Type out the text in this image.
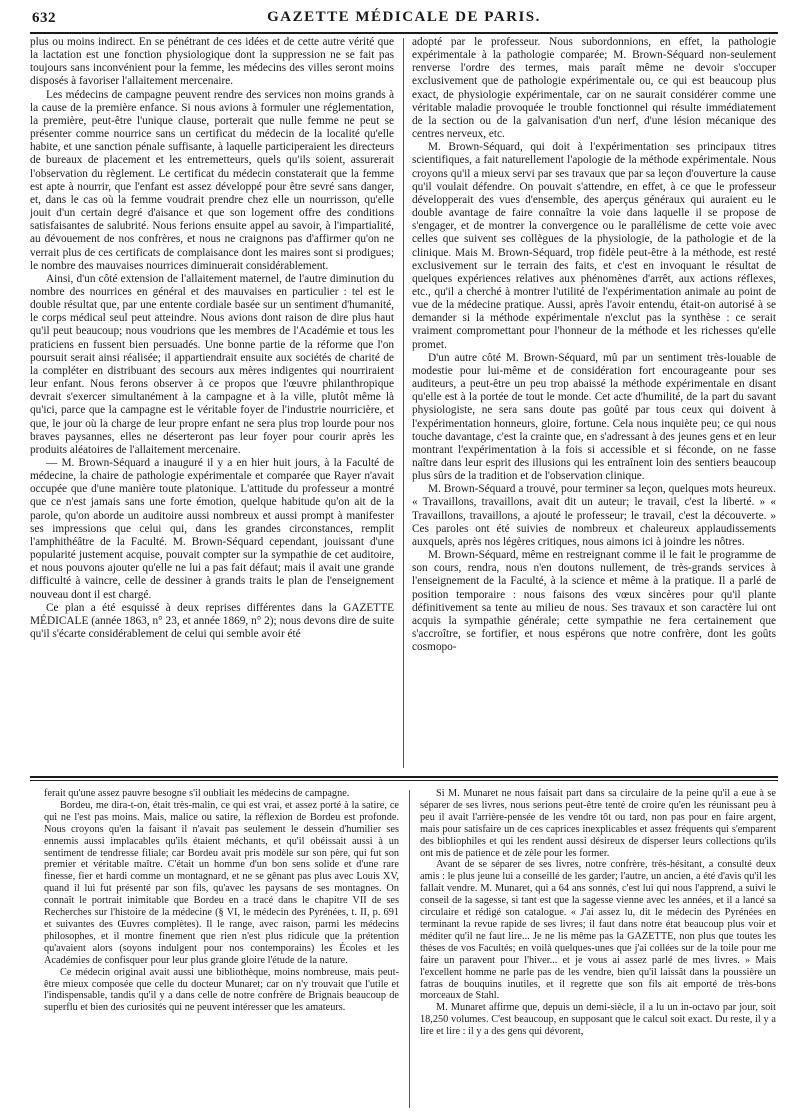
632	GAZETTE MÉDICALE DE PARIS.

plus ou moins indirect. En se pénétrant de ces idées et de cette autre vérité que la lactation est une fonction physiologique dont la suppression ne se fait pas toujours sans inconvénient pour la femme, les médecins des villes seront moins disposés à favoriser l'allaitement mercenaire.

Les médecins de campagne peuvent rendre des services non moins grands à la cause de la première enfance. Si nous avions à formuler une réglementation, la première, peut-être l'unique clause, porterait que nulle femme ne peut se présenter comme nourrice sans un certificat du médecin de la localité qu'elle habite, et une sanction pénale suffisante, à laquelle participeraient les directeurs de bureaux de placement et les entremetteurs, quels qu'ils soient, assurerait l'observation du règlement. Le certificat du médecin constaterait que la femme est apte à nourrir, que l'enfant est assez développé pour être sevré sans danger, et, dans le cas où la femme voudrait prendre chez elle un nourrisson, qu'elle jouit d'un certain degré d'aisance et que son logement offre des conditions satisfaisantes de salubrité. Nous ferions ensuite appel au savoir, à l'impartialité, au dévouement de nos confrères, et nous ne craignons pas d'affirmer qu'on ne verrait plus de ces certificats de complaisance dont les maires sont si prodigues; le nombre des mauvaises nourrices diminuerait considérablement.

Ainsi, d'un côté extension de l'allaitement maternel, de l'autre diminution du nombre des nourrices en général et des mauvaises en particulier : tel est le double résultat que, par une entente cordiale basée sur un sentiment d'humanité, le corps médical seul peut atteindre. Nous avions dont raison de dire plus haut qu'il peut beaucoup; nous voudrions que les membres de l'Académie et tous les praticiens en fussent bien persuadés. Une bonne partie de la réforme que l'on poursuit serait ainsi réalisée; il appartiendrait ensuite aux sociétés de charité de la compléter en distribuant des secours aux mères indigentes qui nourriraient leur enfant. Nous ferons observer à ce propos que l'œuvre philanthropique devrait s'exercer simultanément à la campagne et à la ville, plutôt même là qu'ici, parce que la campagne est le véritable foyer de l'industrie nourricière, et que, le jour où la charge de leur propre enfant ne sera plus trop lourde pour nos braves paysannes, elles ne déserteront pas leur foyer pour courir après les produits aléatoires de l'allaitement mercenaire.

— M. Brown-Séquard a inauguré il y a en hier huit jours, à la Faculté de médecine, la chaire de pathologie expérimentale et comparée que Rayer n'avait occupée que d'une manière toute platonique. L'attitude du professeur a montré que ce n'est jamais sans une forte émotion, quelque habitude qu'on ait de la parole, qu'on aborde un auditoire aussi nombreux et aussi prompt à manifester ses impressions que celui qui, dans les grandes circonstances, remplit l'amphithéâtre de la Faculté. M. Brown-Séquard cependant, jouissant d'une popularité justement acquise, pouvait compter sur la sympathie de cet auditoire, et nous pouvons ajouter qu'elle ne lui a pas fait défaut; mais il avait une grande difficulté à vaincre, celle de dessiner à grands traits le plan de l'enseignement nouveau dont il est chargé.

Ce plan a été esquissé à deux reprises différentes dans la GAZETTE MÉDICALE (année 1863, n° 23, et année 1869, n° 2); nous devons dire de suite qu'il s'écarte considérablement de celui qui semble avoir été

adopté par le professeur. Nous subordonnions, en effet, la pathologie expérimentale à la pathologie comparée; M. Brown-Séquard non-seulement renverse l'ordre des termes, mais paraît même ne devoir s'occuper exclusivement que de pathologie expérimentale ou, ce qui est beaucoup plus exact, de physiologie expérimentale, car on ne saurait considérer comme une véritable maladie provoquée le trouble fonctionnel qui résulte immédiatement de la section ou de la galvanisation d'un nerf, d'une lésion mécanique des centres nerveux, etc.

M. Brown-Séquard, qui doit à l'expérimentation ses principaux titres scientifiques, a fait naturellement l'apologie de la méthode expérimentale. Nous croyons qu'il a mieux servi par ses travaux que par sa leçon d'ouverture la cause qu'il voulait défendre. On pouvait s'attendre, en effet, à ce que le professeur développerait des vues d'ensemble, des aperçus généraux qui auraient eu le double avantage de faire connaître la voie dans laquelle il se propose de s'engager, et de montrer la convergence ou le parallélisme de cette voie avec celles que suivent ses collègues de la physiologie, de la pathologie et de la clinique. Mais M. Brown-Séquard, trop fidèle peut-être à la méthode, est resté exclusivement sur le terrain des faits, et c'est en invoquant le résultat de quelques expériences relatives aux phénomènes d'arrêt, aux actions réflexes, etc., qu'il a cherché à montrer l'utilité de l'expérimentation animale au point de vue de la médecine pratique. Aussi, après l'avoir entendu, était-on autorisé à se demander si la méthode expérimentale n'exclut pas la synthèse : ce serait vraiment compromettant pour l'honneur de la méthode et les richesses qu'elle promet.

D'un autre côté M. Brown-Séquard, mû par un sentiment très-louable de modestie pour lui-même et de considération fort encourageante pour ses auditeurs, a peut-être un peu trop abaissé la méthode expérimentale en disant qu'elle est à la portée de tout le monde. Cet acte d'humilité, de la part du savant physiologiste, ne sera sans doute pas goûté par tous ceux qui doivent à l'expérimentation honneurs, gloire, fortune. Cela nous inquiète peu; ce qui nous touche davantage, c'est la crainte que, en s'adressant à des jeunes gens et en leur montrant l'expérimentation à la fois si accessible et si féconde, on ne fasse naître dans leur esprit des illusions qui les entraînent loin des sentiers beaucoup plus sûrs de la tradition et de l'observation clinique.

M. Brown-Séquard a trouvé, pour terminer sa leçon, quelques mots heureux. « Travaillons, travaillons, avait dit un auteur; le travail, c'est la liberté. » « Travaillons, travaillons, a ajouté le professeur; le travail, c'est la découverte. » Ces paroles ont été suivies de nombreux et chaleureux applaudissements auxquels, après nos légères critiques, nous aimons ici à joindre les nôtres.

M. Brown-Séquard, même en restreignant comme il le fait le programme de son cours, rendra, nous n'en doutons nullement, de très-grands services à l'enseignement de la Faculté, à la science et même à la pratique. Il a parlé de position temporaire : nous faisons des vœux sincères pour qu'il plante définitivement sa tente au milieu de nous. Ses travaux et son caractère lui ont acquis la sympathie générale; cette sympathie ne fera certainement que s'accroître, se fortifier, et nous espérons que notre confrère, dont les goûts cosmopo-

ferait qu'une assez pauvre besogne s'il oubliait les médecins de campagne.

Bordeu, me dira-t-on, était très-malin, ce qui est vrai, et assez porté à la satire, ce qui ne l'est pas moins. Mais, malice ou satire, la réflexion de Bordeu est profonde. Nous croyons qu'en la faisant il n'avait pas seulement le dessein d'humilier ses ennemis aussi implacables qu'ils étaient méchants, et qu'il obéissait aussi à un sentiment de tendresse filiale; car Bordeu avait pris modèle sur son père, qui fut son premier et véritable maître. C'était un homme d'un bon sens solide et d'une rare finesse, fier et hardi comme un montagnard, et ne se gênant pas plus avec Louis XV, quand il lui fut présenté par son fils, qu'avec les paysans de ses montagnes. On connaît le portrait inimitable que Bordeu en a tracé dans le chapitre VII de ses Recherches sur l'histoire de la médecine (§ VI, le médecin des Pyrénées, t. II, p. 691 et suivantes des Œuvres complètes). Il le range, avec raison, parmi les médecins philosophes, et il montre finement que rien n'est plus ridicule que la prétention qu'avaient alors (soyons indulgent pour nos contemporains) les Écoles et les Académies de confisquer pour leur plus grande gloire l'étude de la nature.

Ce médecin original avait aussi une bibliothèque, moins nombreuse, mais peut-être mieux composée que celle du docteur Munaret; car on n'y trouvait que l'utile et l'indispensable, tandis qu'il y a dans celle de notre confrère de Brignais beaucoup de superflu et bien des curiosités qui ne peuvent intéresser que les amateurs.

Si M. Munaret ne nous faisait part dans sa circulaire de la peine qu'il a eue à se séparer de ses livres, nous serions peut-être tenté de croire qu'en les réunissant peu à peu il avait l'arrière-pensée de les vendre tôt ou tard, non pas pour en faire argent, mais pour satisfaire un de ces caprices inexplicables et assez fréquents qui s'emparent des bibliophiles et qui les rendent aussi désireux de disperser leurs collections qu'ils ont mis de patience et de zèle pour les former.

Avant de se séparer de ses livres, notre confrère, très-hésitant, a consulté deux amis : le plus jeune lui a conseillé de les garder; l'autre, un ancien, a été d'avis qu'il les fallait vendre. M. Munaret, qui a 64 ans sonnés, c'est lui qui nous l'apprend, a suivi le conseil de la sagesse, si tant est que la sagesse vienne avec les années, et il a lancé sa circulaire et rédigé son catalogue. « J'ai assez lu, dit le médecin des Pyrénées en terminant la revue rapide de ses livres; il faut dans notre état beaucoup plus voir et méditer qu'il ne faut lire... Je ne lis même pas la GAZETTE, non plus que toutes les thèses de vos Facultés; en voilà quelques-unes que j'ai collées sur de la toile pour me faire un paravent pour l'hiver... et je vous ai assez parlé de mes livres. » Mais l'excellent homme ne parle pas de les vendre, bien qu'il laissât dans la poussière un fatras de bouquins inutiles, et il regrette que son fils ait emporté de très-bons morceaux de Stahl.

M. Munaret affirme que, depuis un demi-siècle, il a lu un in-octavo par jour, soit 18,250 volumes. C'est beaucoup, en supposant que le calcul soit exact. Du reste, il y a lire et lire : il y a des gens qui dévorent,
